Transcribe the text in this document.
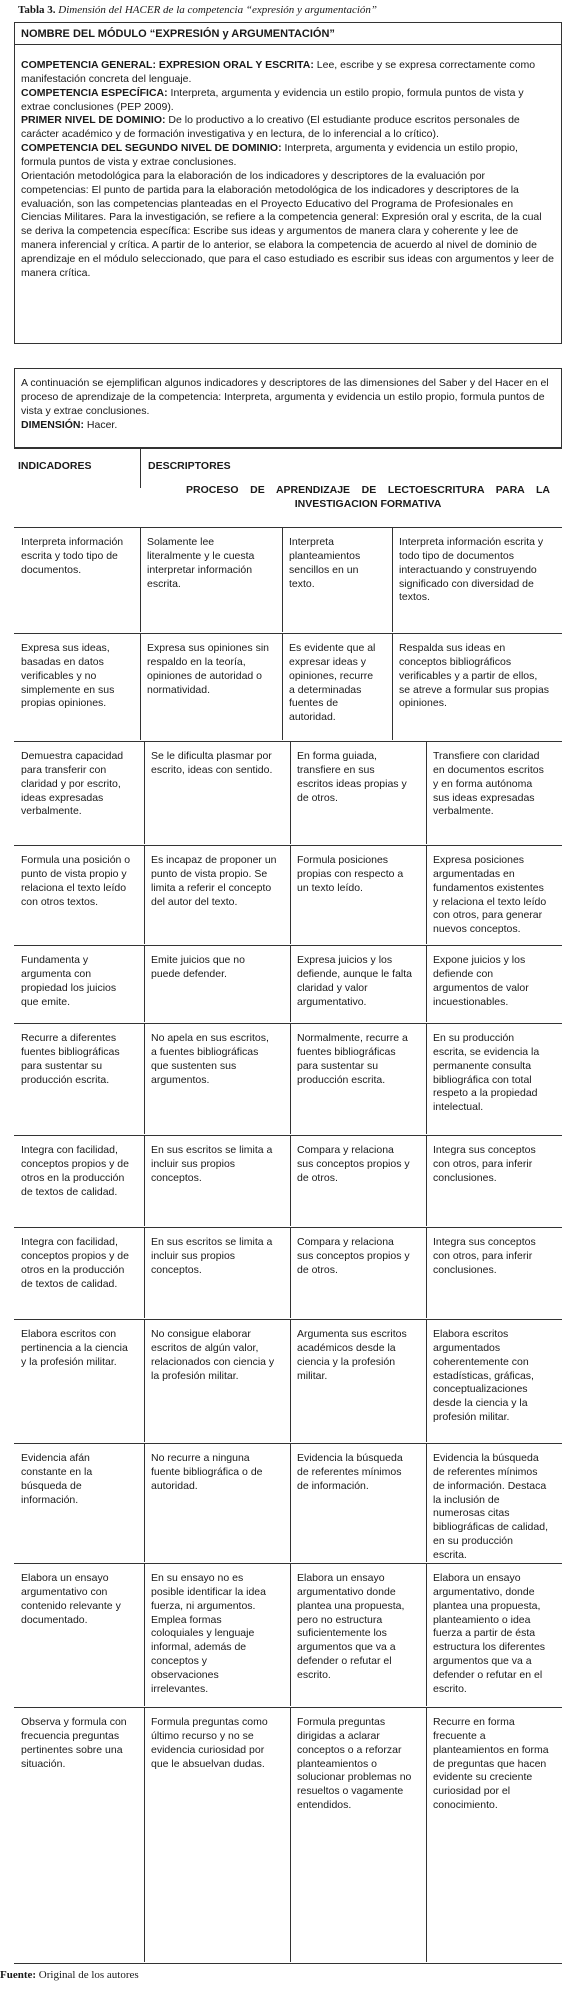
Tabla 3. Dimensión del HACER de la competencia “expresión y argumentación”
NOMBRE DEL MÓDULO “EXPRESIÓN y ARGUMENTACIÓN”

COMPETENCIA GENERAL: EXPRESION ORAL Y ESCRITA: Lee, escribe y se expresa correctamente como manifestación concreta del lenguaje.

COMPETENCIA ESPECÍFICA: Interpreta, argumenta y evidencia un estilo propio, formula puntos de vista y extrae conclusiones (PEP 2009).

PRIMER NIVEL DE DOMINIO: De lo productivo a lo creativo (El estudiante produce escritos personales de carácter académico y de formación investigativa y en lectura, de lo inferencial a lo crítico).

COMPETENCIA DEL SEGUNDO NIVEL DE DOMINIO: Interpreta, argumenta y evidencia un estilo propio, formula puntos de vista y extrae conclusiones.

Orientación metodológica para la elaboración de los indicadores y descriptores de la evaluación por competencias: El punto de partida para la elaboración metodológica de los indicadores y descriptores de la evaluación, son las competencias planteadas en el Proyecto Educativo del Programa de Profesionales en Ciencias Militares. Para la investigación, se refiere a la competencia general: Expresión oral y escrita, de la cual se deriva la competencia específica: Escribe sus ideas y argumentos de manera clara y coherente y lee de manera inferencial y crítica. A partir de lo anterior, se elabora la competencia de acuerdo al nivel de dominio de aprendizaje en el módulo seleccionado, que para el caso estudiado es escribir sus ideas con argumentos y leer de manera crítica.

A continuación se ejemplifican algunos indicadores y descriptores de las dimensiones del Saber y del Hacer en el proceso de aprendizaje de la competencia: Interpreta, argumenta y evidencia un estilo propio, formula puntos de vista y extrae conclusiones.

DIMENSIÓN: Hacer.

INDICADORES	DESCRIPTORES
PROCESO DE APRENDIZAJE DE LECTOESCRITURA PARA LA INVESTIGACION FORMATIVA
Interpreta información escrita y todo tipo de documentos.
Solamente lee literalmente y le cuesta interpretar información escrita.
Interpreta planteamientos sencillos en un texto.
Interpreta información escrita y todo tipo de documentos interactuando y construyendo significado con diversidad de textos.
Expresa sus ideas, basadas en datos verificables y no simplemente en sus propias opiniones.
Expresa sus opiniones sin respaldo en la teoría, opiniones de autoridad o normatividad.
Es evidente que al expresar ideas y opiniones, recurre a determinadas fuentes de autoridad.
Respalda sus ideas en conceptos bibliográficos verificables y a partir de ellos, se atreve a formular sus propias opiniones.
Demuestra capacidad para transferir con claridad y por escrito, ideas expresadas verbalmente.
Se le dificulta plasmar por escrito, ideas con sentido.
En forma guiada, transfiere en sus escritos ideas propias y de otros.
Transfiere con claridad en documentos escritos y en forma autónoma sus ideas expresadas verbalmente.
Formula una posición o punto de vista propio y relaciona el texto leído con otros textos.
Es incapaz de proponer un punto de vista propio. Se limita a referir el concepto del autor del texto.
Formula posiciones propias con respecto a un texto leído.
Expresa posiciones argumentadas en fundamentos existentes y relaciona el texto leído con otros, para generar nuevos conceptos.
Fundamenta y argumenta con propiedad los juicios que emite.
Emite juicios que no puede defender.
Expresa juicios y los defiende, aunque le falta claridad y valor argumentativo.
Expone juicios y los defiende con argumentos de valor incuestionables.
Recurre a diferentes fuentes bibliográficas para sustentar su producción escrita.
No apela en sus escritos, a fuentes bibliográficas que sustenten sus argumentos.
Normalmente, recurre a fuentes bibliográficas para sustentar su producción escrita.
En su producción escrita, se evidencia la permanente consulta bibliográfica con total respeto a la propiedad intelectual.
Integra con facilidad, conceptos propios y de otros en la producción de textos de calidad.
En sus escritos se limita a incluir sus propios conceptos.
Compara y relaciona sus conceptos propios y de otros.
Integra sus conceptos con otros, para inferir conclusiones.
Integra con facilidad, conceptos propios y de otros en la producción de textos de calidad.
En sus escritos se limita a incluir sus propios conceptos.
Compara y relaciona sus conceptos propios y de otros.
Integra sus conceptos con otros, para inferir conclusiones.
Elabora escritos con pertinencia a la ciencia y la profesión militar.
No consigue elaborar escritos de algún valor, relacionados con ciencia y la profesión militar.
Argumenta sus escritos académicos desde la ciencia y la profesión militar.
Elabora escritos argumentados coherentemente con estadísticas, gráficas, conceptualizaciones desde la ciencia y la profesión militar.
Evidencia afán constante en la búsqueda de información.
No recurre a ninguna fuente bibliográfica o de autoridad.
Evidencia la búsqueda de referentes mínimos de información.
Evidencia la búsqueda de referentes mínimos de información. Destaca la inclusión de numerosas citas bibliográficas de calidad, en su producción escrita.
Elabora un ensayo argumentativo con contenido relevante y documentado.
En su ensayo no es posible identificar la idea fuerza, ni argumentos. Emplea formas coloquiales y lenguaje informal, además de conceptos y observaciones irrelevantes.
Elabora un ensayo argumentativo donde plantea una propuesta, pero no estructura suficientemente los argumentos que va a defender o refutar el escrito.
Elabora un ensayo argumentativo, donde plantea una propuesta, planteamiento o idea fuerza a partir de ésta estructura los diferentes argumentos que va a defender o refutar en el escrito.
Observa y formula con frecuencia preguntas pertinentes sobre una situación.
Formula preguntas como último recurso y no se evidencia curiosidad por que le absuelvan dudas.
Formula preguntas dirigidas a aclarar conceptos o a reforzar planteamientos o solucionar problemas no resueltos o vagamente entendidos.
Recurre en forma frecuente a planteamientos en forma de preguntas que hacen evidente su creciente curiosidad por el conocimiento.
Fuente: Original de los autores
